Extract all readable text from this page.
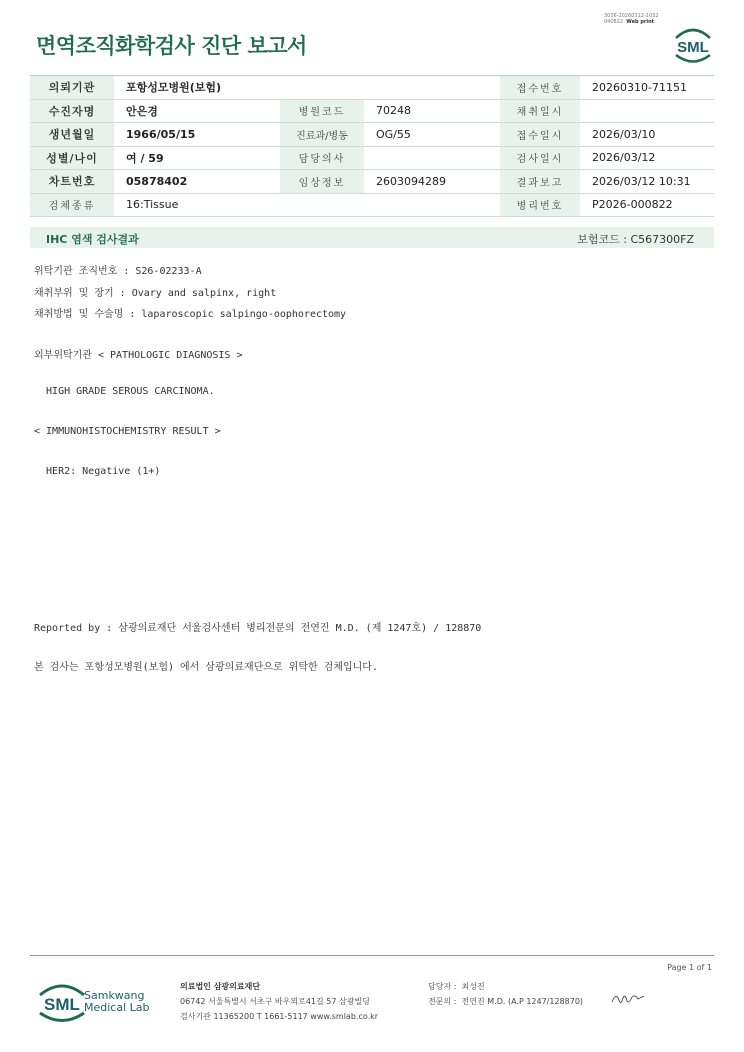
면역조직화학검사 진단 보고서
3036-20260312-1032
040822 Web print
SML
의뢰기관	포항성모병원(보험)			접수번호	20260310-71151
수진자명	안은경	병원코드	70248	채취일시	
생년월일	1966/05/15	진료과/병동	OG/55	접수일시	2026/03/10
성별/나이	여 / 59	담당의사		검사일시	2026/03/12
차트번호	05878402	임상정보	2603094289	결과보고	2026/03/12 10:31
검체종류	16:Tissue			병리번호	P2026-000822
IHC 염색 검사결과	보험코드 : C567300FZ
위탁기관 조직번호 : S26-02233-A
채취부위 및 장기 : Ovary and salpinx, right
채취방법 및 수술명 : laparoscopic salpingo-oophorectomy
외부위탁기관 < PATHOLOGIC DIAGNOSIS >
HIGH GRADE SEROUS CARCINOMA.
< IMMUNOHISTOCHEMISTRY RESULT >
HER2: Negative (1+)
Reported by : 삼광의료재단 서울검사센터 병리전문의 전연진 M.D. (제 1247호) / 128870
본 검사는 포항성모병원(보험) 에서 삼광의료재단으로 위탁한 검체입니다.
Page 1 of 1
SML Samkwang
Medical Lab
의료법인 삼광의료재단
06742 서울특별시 서초구 바우뫼로41길 57 삼광빌딩
검사기관 11365200 T 1661-5117 www.smlab.co.kr
담당자 : 최성진
전문의 : 전연진 M.D. (A.P 1247/128870)
